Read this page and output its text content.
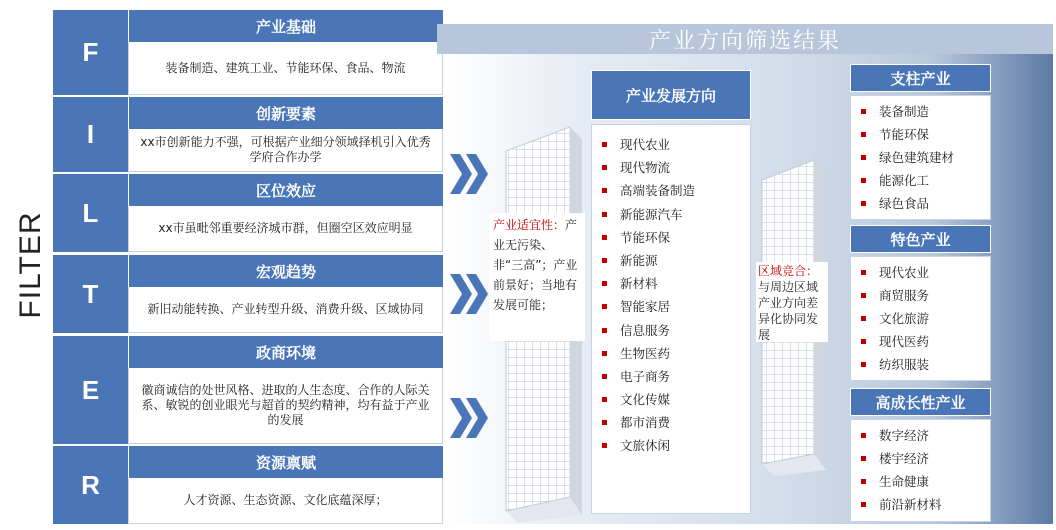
FILTER
F
产业基础
装备制造、建筑工业、节能环保、食品、物流
I
创新要素
xx市创新能力不强，可根据产业细分领域择机引入优秀学府合作办学
L
区位效应
xx市虽毗邻重要经济城市群，但圈空区效应明显
T
宏观趋势
新旧动能转换、产业转型升级、消费升级、区域协同
E
政商环境
徽商诚信的处世风格、进取的人生态度、合作的人际关系、敏锐的创业眼光与超首的契约精神，均有益于产业的发展
R
资源禀赋
人才资源、生态资源、文化底蕴深厚；
产业方向筛选结果
产业适宜性：产业无污染、非“三高”；产业前景好；当地有发展可能；
区域竞合：与周边区域产业方向差异化协同发展
产业发展方向
现代农业
现代物流
高端装备制造
新能源汽车
节能环保
新能源
新材料
智能家居
信息服务
生物医药
电子商务
文化传媒
都市消费
文旅休闲
支柱产业
装备制造
节能环保
绿色建筑建材
能源化工
绿色食品
特色产业
现代农业
商贸服务
文化旅游
现代医药
纺织服装
高成长性产业
数字经济
楼宇经济
生命健康
前沿新材料
